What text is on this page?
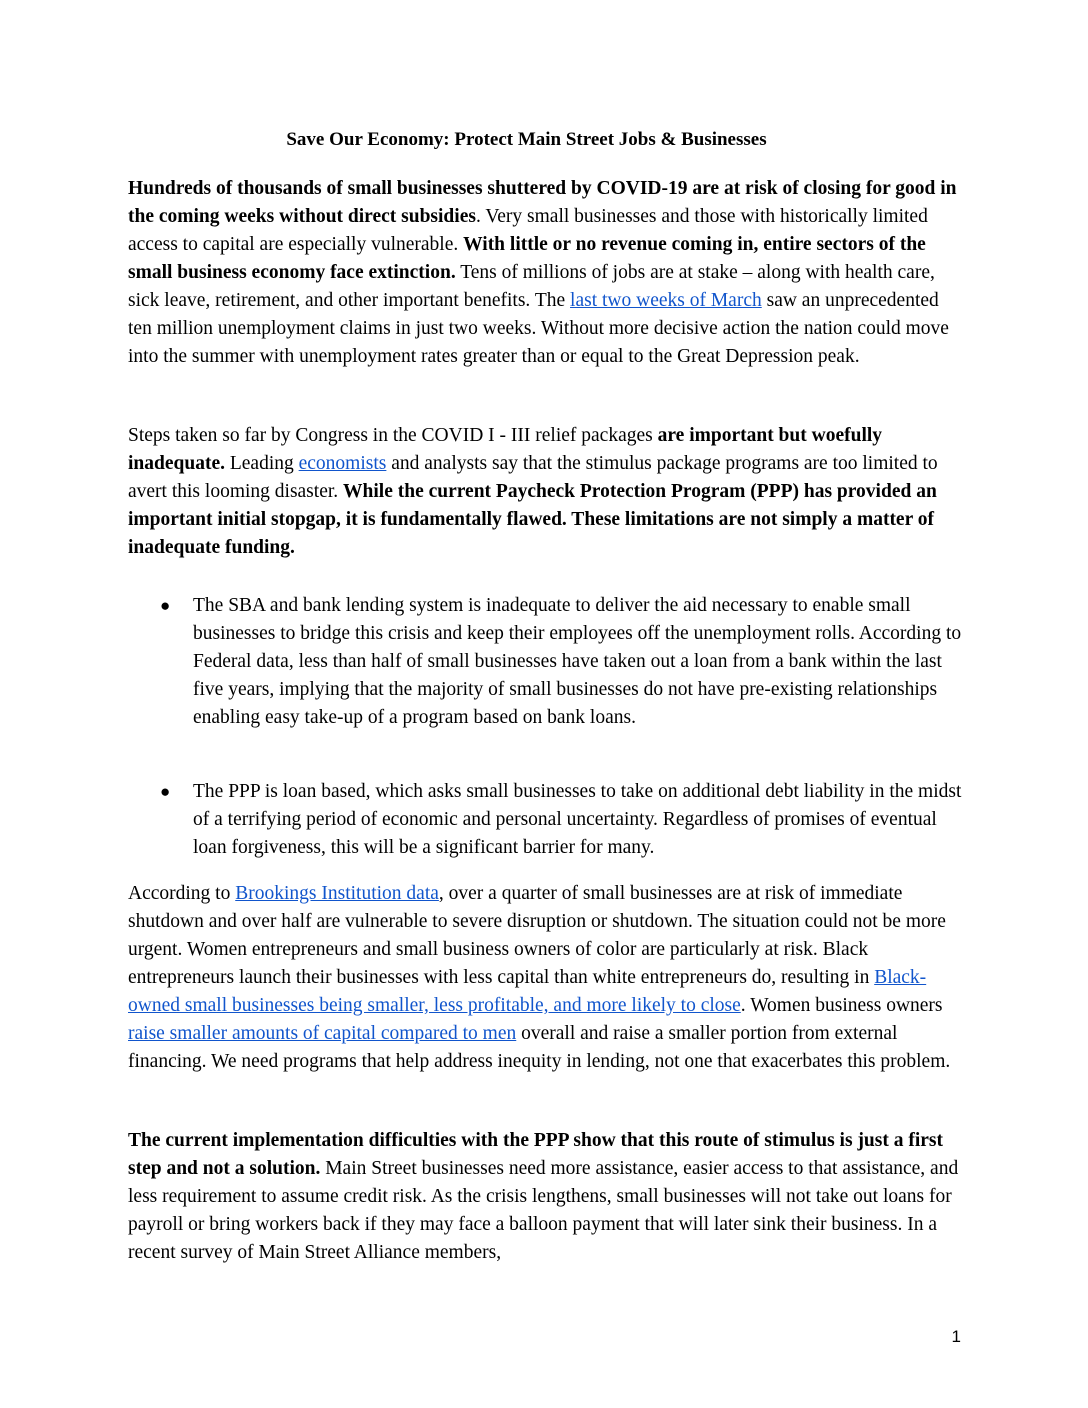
Save Our Economy: Protect Main Street Jobs & Businesses

Hundreds of thousands of small businesses shuttered by COVID-19 are at risk of closing for good in the coming weeks without direct subsidies. Very small businesses and those with historically limited access to capital are especially vulnerable. With little or no revenue coming in, entire sectors of the small business economy face extinction. Tens of millions of jobs are at stake – along with health care, sick leave, retirement, and other important benefits. The last two weeks of March saw an unprecedented ten million unemployment claims in just two weeks. Without more decisive action the nation could move into the summer with unemployment rates greater than or equal to the Great Depression peak.

Steps taken so far by Congress in the COVID I - III relief packages are important but woefully inadequate. Leading economists and analysts say that the stimulus package programs are too limited to avert this looming disaster. While the current Paycheck Protection Program (PPP) has provided an important initial stopgap, it is fundamentally flawed. These limitations are not simply a matter of inadequate funding.

● The SBA and bank lending system is inadequate to deliver the aid necessary to enable small businesses to bridge this crisis and keep their employees off the unemployment rolls. According to Federal data, less than half of small businesses have taken out a loan from a bank within the last five years, implying that the majority of small businesses do not have pre-existing relationships enabling easy take-up of a program based on bank loans.
● The PPP is loan based, which asks small businesses to take on additional debt liability in the midst of a terrifying period of economic and personal uncertainty. Regardless of promises of eventual loan forgiveness, this will be a significant barrier for many.

According to Brookings Institution data, over a quarter of small businesses are at risk of immediate shutdown and over half are vulnerable to severe disruption or shutdown. The situation could not be more urgent. Women entrepreneurs and small business owners of color are particularly at risk. Black entrepreneurs launch their businesses with less capital than white entrepreneurs do, resulting in Black-owned small businesses being smaller, less profitable, and more likely to close. Women business owners raise smaller amounts of capital compared to men overall and raise a smaller portion from external financing. We need programs that help address inequity in lending, not one that exacerbates this problem.

The current implementation difficulties with the PPP show that this route of stimulus is just a first step and not a solution. Main Street businesses need more assistance, easier access to that assistance, and less requirement to assume credit risk. As the crisis lengthens, small businesses will not take out loans for payroll or bring workers back if they may face a balloon payment that will later sink their business. In a recent survey of Main Street Alliance members,

1
